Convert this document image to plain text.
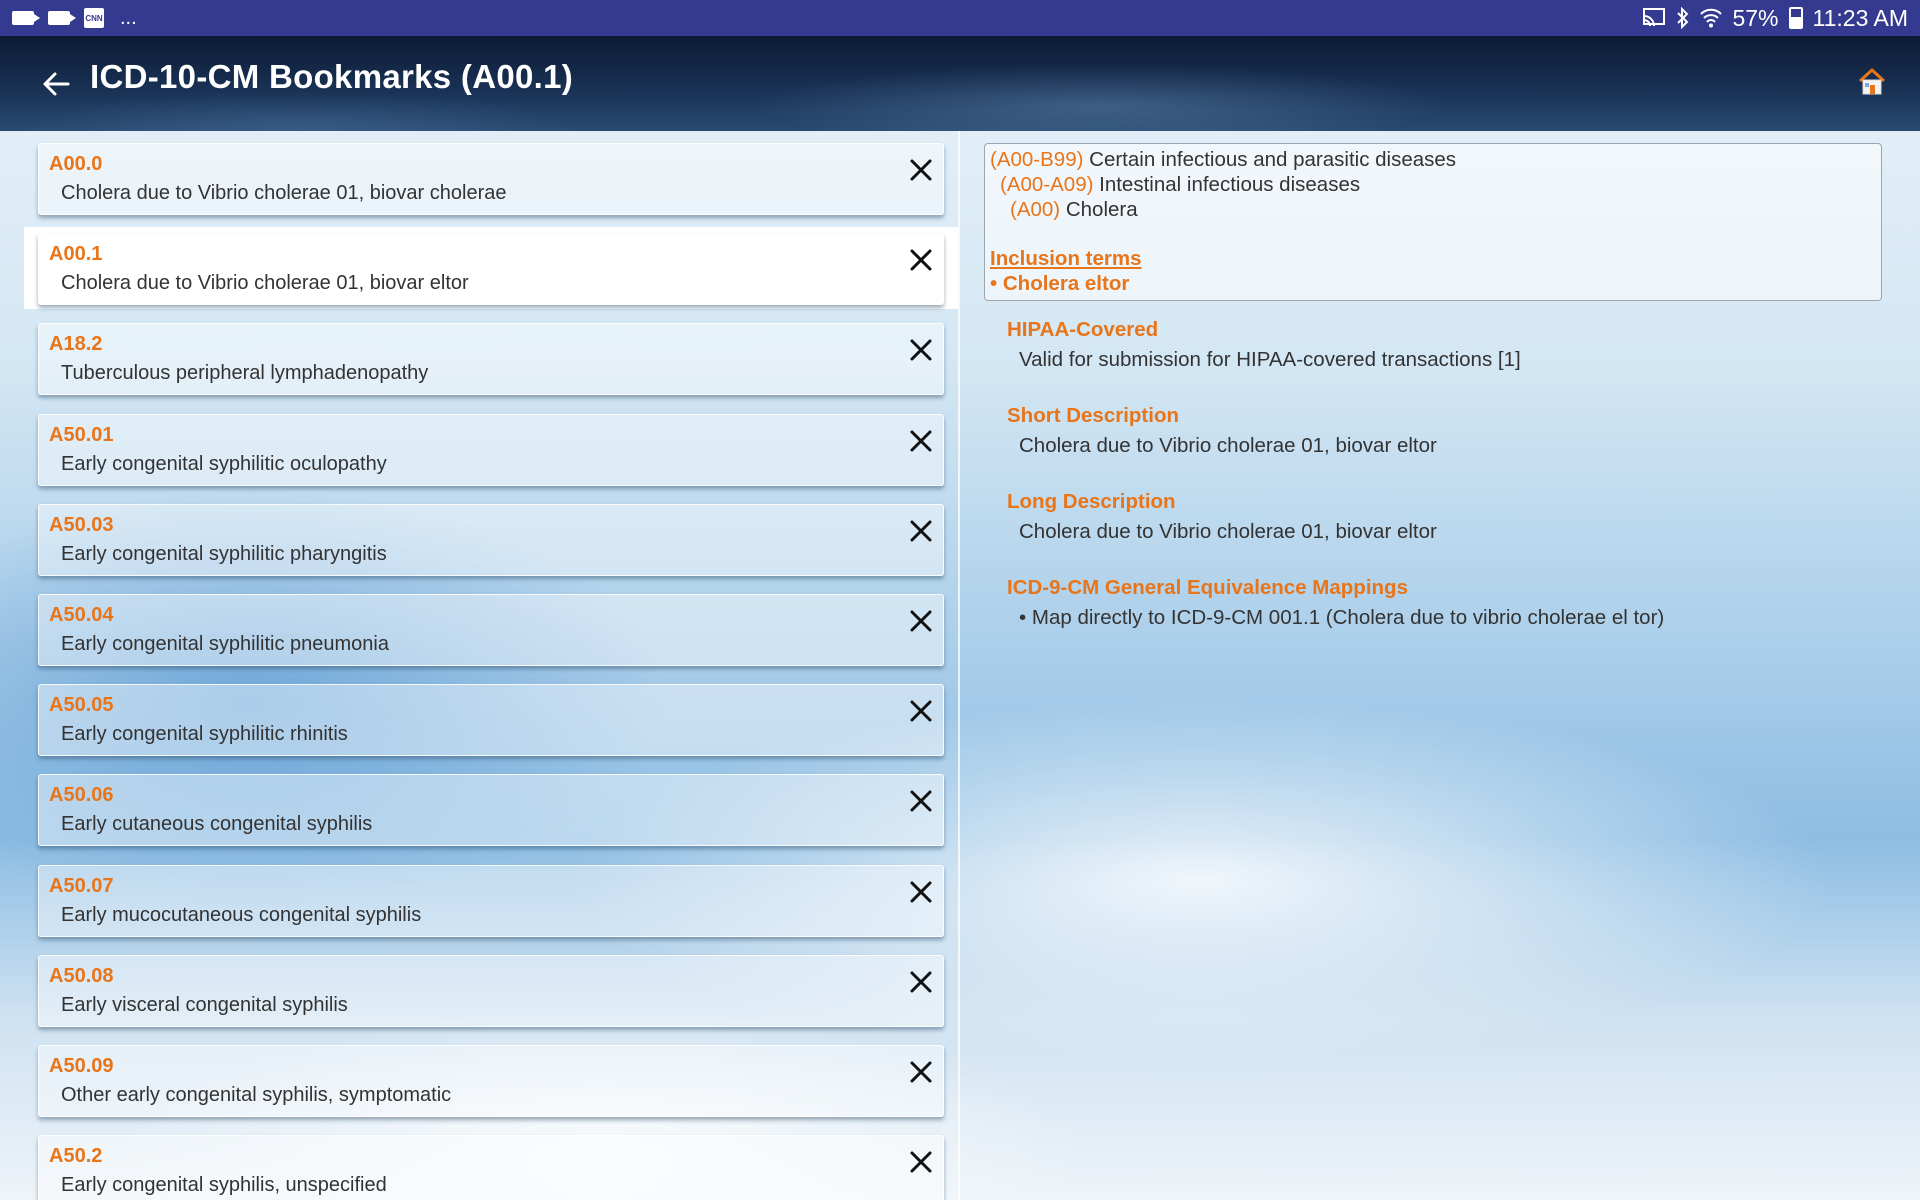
CNN ...	57% 11:23 AM
ICD-10-CM Bookmarks (A00.1)
A00.0
Cholera due to Vibrio cholerae 01, biovar cholerae
A00.1
Cholera due to Vibrio cholerae 01, biovar eltor
A18.2
Tuberculous peripheral lymphadenopathy
A50.01
Early congenital syphilitic oculopathy
A50.03
Early congenital syphilitic pharyngitis
A50.04
Early congenital syphilitic pneumonia
A50.05
Early congenital syphilitic rhinitis
A50.06
Early cutaneous congenital syphilis
A50.07
Early mucocutaneous congenital syphilis
A50.08
Early visceral congenital syphilis
A50.09
Other early congenital syphilis, symptomatic
A50.2
Early congenital syphilis, unspecified
(A00-B99) Certain infectious and parasitic diseases
(A00-A09) Intestinal infectious diseases
(A00) Cholera
Inclusion terms
• Cholera eltor
HIPAA-Covered
Valid for submission for HIPAA-covered transactions [1]
Short Description
Cholera due to Vibrio cholerae 01, biovar eltor
Long Description
Cholera due to Vibrio cholerae 01, biovar eltor
ICD-9-CM General Equivalence Mappings
• Map directly to ICD-9-CM 001.1 (Cholera due to vibrio cholerae el tor)
